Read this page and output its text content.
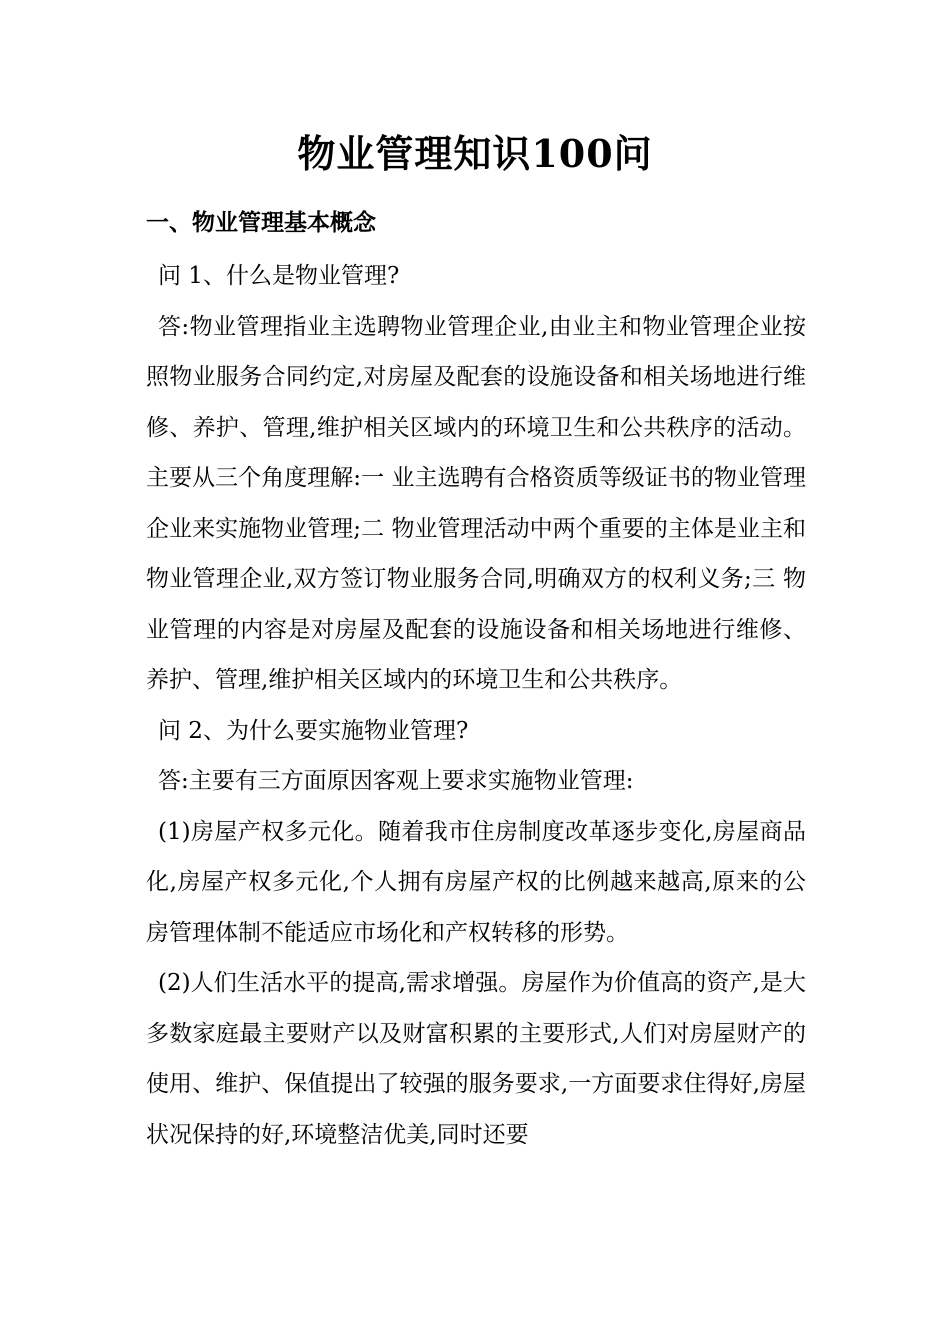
物业管理知识100问
一、物业管理基本概念

问 1、什么是物业管理?

答:物业管理指业主选聘物业管理企业,由业主和物业管理企业按照物业服务合同约定,对房屋及配套的设施设备和相关场地进行维修、养护、管理,维护相关区域内的环境卫生和公共秩序的活动。主要从三个角度理解:一 业主选聘有合格资质等级证书的物业管理企业来实施物业管理;二 物业管理活动中两个重要的主体是业主和物业管理企业,双方签订物业服务合同,明确双方的权利义务;三 物业管理的内容是对房屋及配套的设施设备和相关场地进行维修、养护、管理,维护相关区域内的环境卫生和公共秩序。

问 2、为什么要实施物业管理?

答:主要有三方面原因客观上要求实施物业管理:

(1)房屋产权多元化。随着我市住房制度改革逐步变化,房屋商品化,房屋产权多元化,个人拥有房屋产权的比例越来越高,原来的公房管理体制不能适应市场化和产权转移的形势。

(2)人们生活水平的提高,需求增强。房屋作为价值高的资产,是大多数家庭最主要财产以及财富积累的主要形式,人们对房屋财产的使用、维护、保值提出了较强的服务要求,一方面要求住得好,房屋状况保持的好,环境整洁优美,同时还要
